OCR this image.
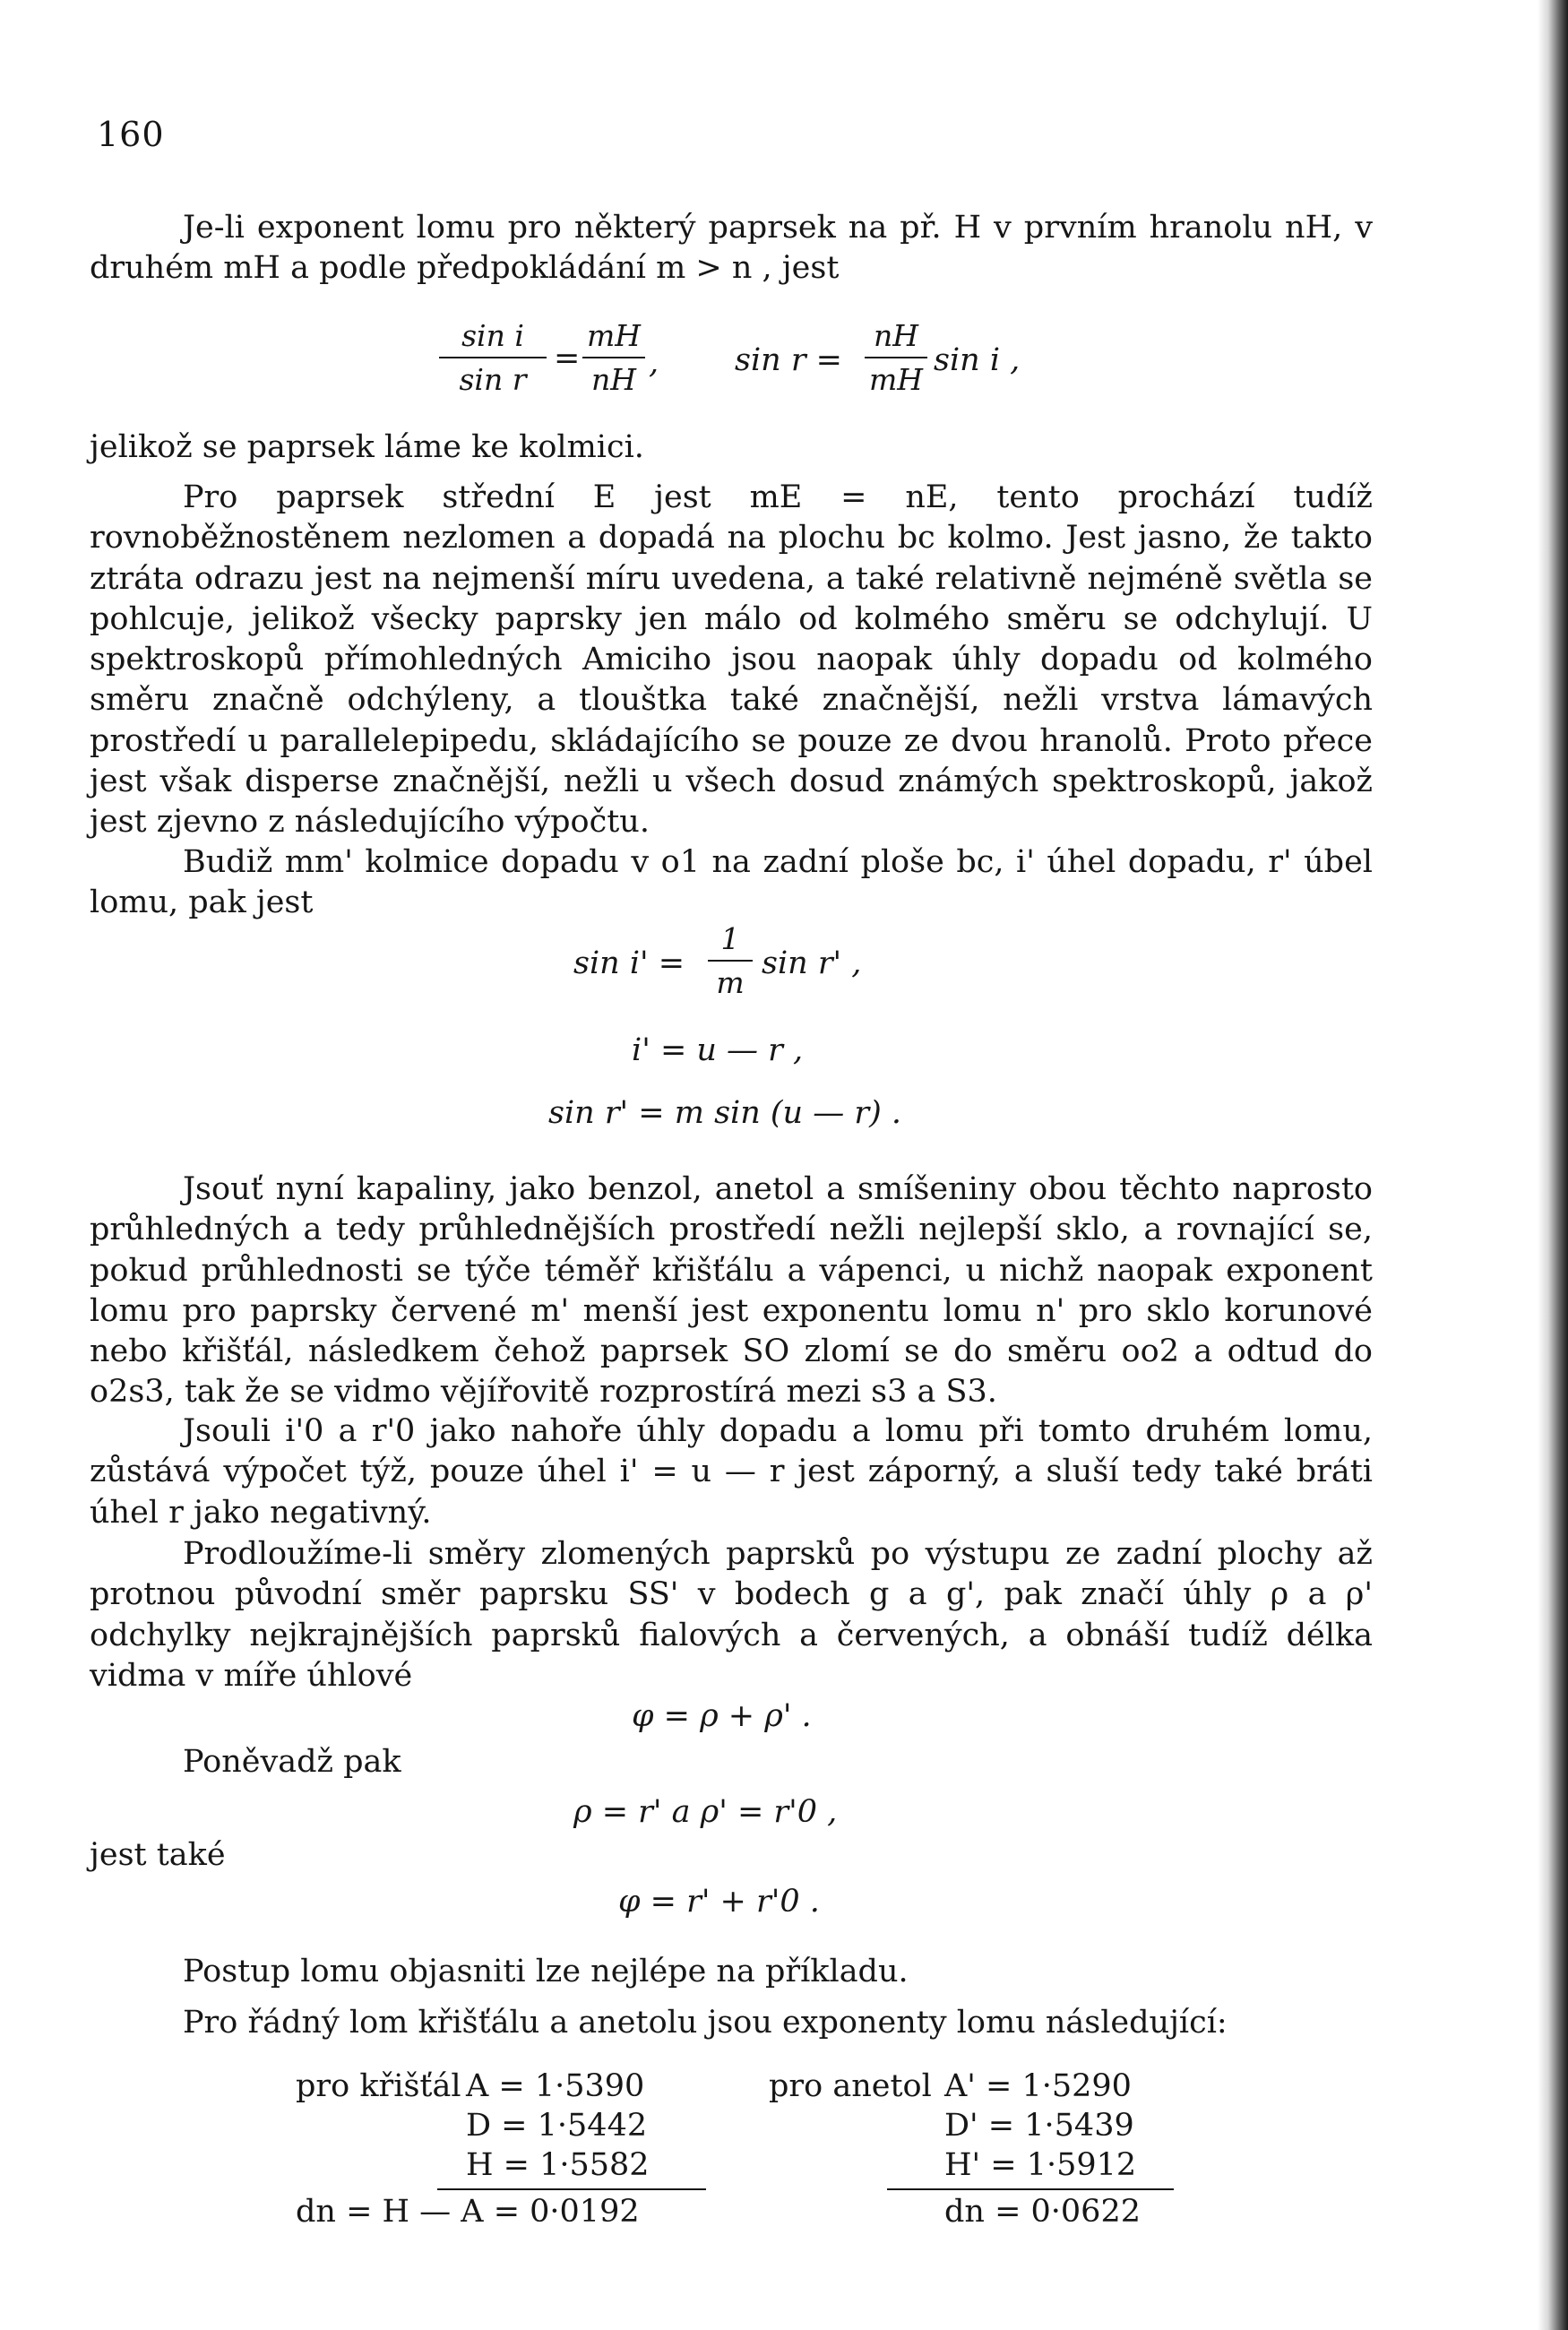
160

Je-li exponent lomu pro některý paprsek na př. H v prvním hranolu nH, v druhém mH a podle předpokládání m > n , jest

$\frac{\text{sin i}}{\text{sin r}} = \frac{mH}{nH}$ , $\sin r = \frac{nH}{mH}$ sin i ,

jelikož se paprsek láme ke kolmici.

Pro paprsek střední E jest mE = nE, tento prochází tudíž rovnoběžnostěnem nezlomen a dopadá na plochu bc kolmo. Jest jasno, že takto ztráta odrazu jest na nejmenší míru uvedena, a také relativně nejméně světla se pohlcuje, jelikož všecky paprsky jen málo od kolmého směru se odchylují. U spektroskopů přímohledných Amiciho jsou naopak úhly dopadu od kolmého směru značně odchýleny, a tlouštka také značnější, nežli vrstva lámavých prostředí u parallelepipedu, skládajícího se pouze ze dvou hranolů. Proto přece jest však disperse značnější, nežli u všech dosud známých spektroskopů, jakož jest zjevno z následujícího výpočtu.

Budiž mm' kolmice dopadu v o1 na zadní ploše bc, i' úhel dopadu, r' úbel lomu, pak jest

$\sin i' = \frac{1}{m}$ sin r' ,
i' = u — r ,
sin r' = m sin (u — r) .

Jsouť nyní kapaliny, jako benzol, anetol a smíšeniny obou těchto naprosto průhledných a tedy průhlednějších prostředí nežli nejlepší sklo, a rovnající se, pokud průhlednosti se týče téměř křišťálu a vápenci, u nichž naopak exponent lomu pro paprsky červené m' menší jest exponentu lomu n' pro sklo korunové nebo křišťál, následkem čehož paprsek SO zlomí se do směru oo2 a odtud do o2s3, tak že se vidmo vějířovitě rozprostírá mezi s3 a S3.

Jsouli i'0 a r'0 jako nahoře úhly dopadu a lomu při tomto druhém lomu, zůstává výpočet týž, pouze úhel i' = u — r jest záporný, a sluší tedy také bráti úhel r jako negativný.

Prodloužíme-li směry zlomených paprsků po výstupu ze zadní plochy až protnou původní směr paprsku SS' v bodech g a g', pak značí úhly ρ a ρ' odchylky nejkrajnějších paprsků fialových a červených, a obnáší tudíž délka vidma v míře úhlové

φ = ρ + ρ' .
Poněvadž pak
ρ = r' a ρ' = r'0 ,
jest také
φ = r' + r'0 .
Postup lomu objasniti lze nejlépe na příkladu.
Pro řádný lom křišťálu a anetolu jsou exponenty lomu následující:
pro křišťál A = 1·5390
D = 1·5442
H = 1·5582
dn = H — A = 0·0192
pro anetol A' = 1·5290
D' = 1·5439
H' = 1·5912
dn = 0·0622
